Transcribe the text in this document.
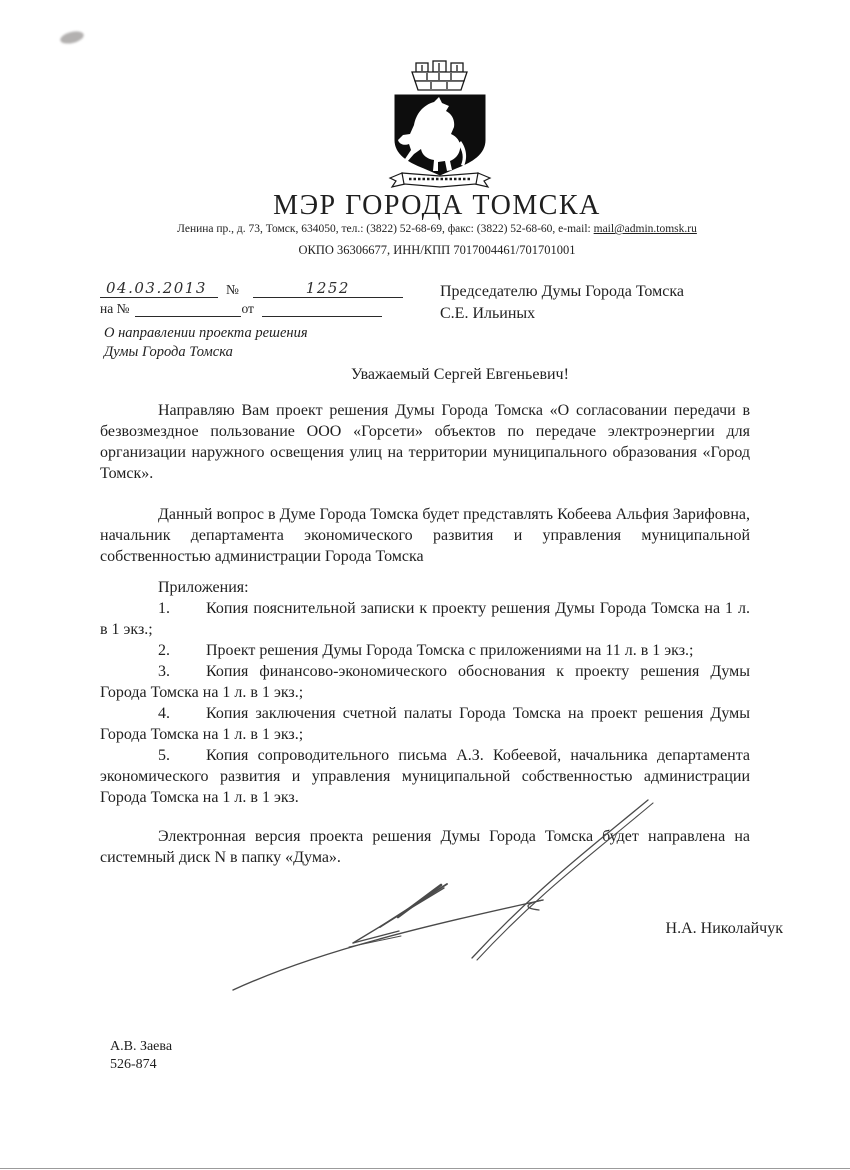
МЭР ГОРОДА ТОМСКА
Ленина пр., д. 73, Томск, 634050, тел.: (3822) 52-68-69, факс: (3822) 52-68-60, e-mail: mail@admin.tomsk.ru
ОКПО 36306677, ИНН/КПП 7017004461/701701001
04.03.2013	№	1252
на №	от
О направлении проекта решения
Думы Города Томска
Председателю Думы Города Томска
С.Е. Ильиных
Уважаемый Сергей Евгеньевич!

Направляю Вам проект решения Думы Города Томска «О согласовании передачи в безвозмездное пользование ООО «Горсети» объектов по передаче электроэнергии для организации наружного освещения улиц на территории муниципального образования «Город Томск».

Данный вопрос в Думе Города Томска будет представлять Кобеева Альфия Зарифовна, начальник департамента экономического развития и управления муниципальной собственностью администрации Города Томска

Приложения:

1. Копия пояснительной записки к проекту решения Думы Города Томска на 1 л. в 1 экз.;

2. Проект решения Думы Города Томска с приложениями на 11 л. в 1 экз.;

3. Копия финансово-экономического обоснования к проекту решения Думы Города Томска на 1 л. в 1 экз.;

4. Копия заключения счетной палаты Города Томска на проект решения Думы Города Томска на 1 л. в 1 экз.;

5. Копия сопроводительного письма А.З. Кобеевой, начальника департамента экономического развития и управления муниципальной собственностью администрации Города Томска на 1 л. в 1 экз.

Электронная версия проекта решения Думы Города Томска будет направлена на системный диск N в папку «Дума».

Н.А. Николайчук
А.В. Заева
526-874
